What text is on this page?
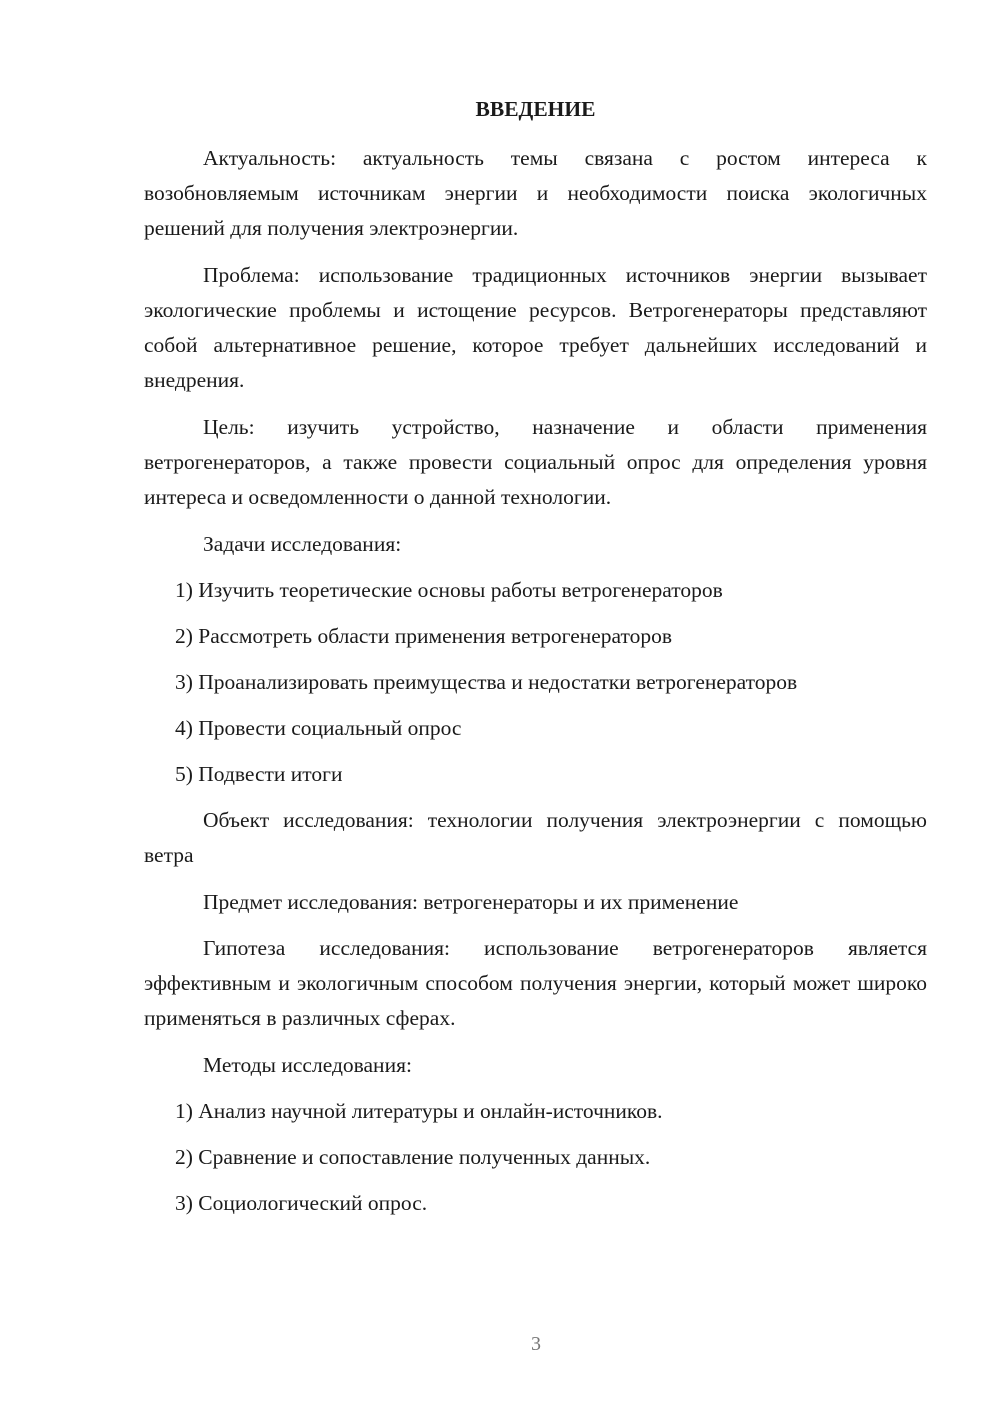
ВВЕДЕНИЕ

Актуальность: актуальность темы связана с ростом интереса к возобновляемым источникам энергии и необходимости поиска экологичных решений для получения электроэнергии.

Проблема: использование традиционных источников энергии вызывает экологические проблемы и истощение ресурсов. Ветрогенераторы представляют собой альтернативное решение, которое требует дальнейших исследований и внедрения.

Цель: изучить устройство, назначение и области применения ветрогенераторов, а также провести социальный опрос для определения уровня интереса и осведомленности о данной технологии.

Задачи исследования:

1) Изучить теоретические основы работы ветрогенераторов
2) Рассмотреть области применения ветрогенераторов
3) Проанализировать преимущества и недостатки ветрогенераторов
4) Провести социальный опрос
5) Подвести итоги

Объект исследования: технологии получения электроэнергии с помощью ветра

Предмет исследования: ветрогенераторы и их применение

Гипотеза исследования: использование ветрогенераторов является эффективным и экологичным способом получения энергии, который может широко применяться в различных сферах.

Методы исследования:

1) Анализ научной литературы и онлайн-источников.
2) Сравнение и сопоставление полученных данных.
3) Социологический опрос.
3
